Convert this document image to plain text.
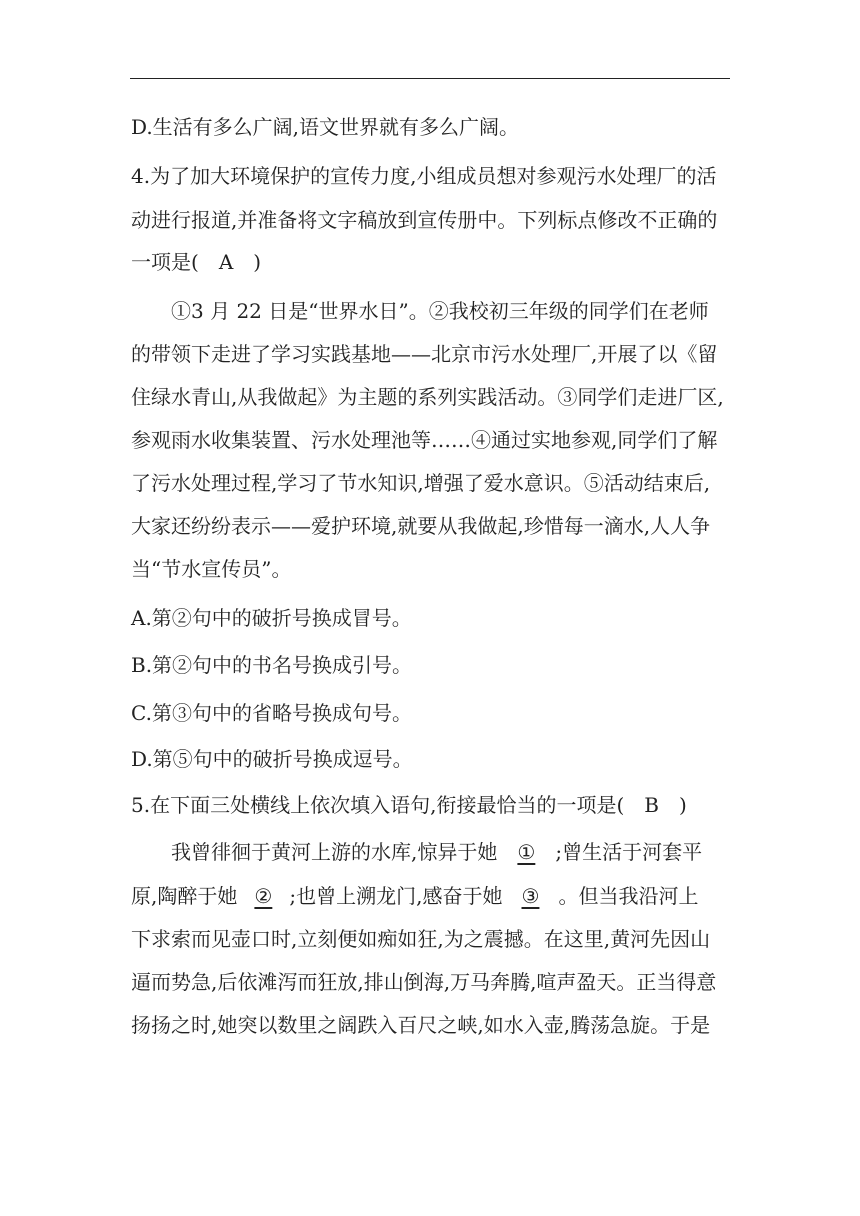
D.生活有多么广阔,语文世界就有多么广阔。
4.为了加大环境保护的宣传力度,小组成员想对参观污水处理厂的活
动进行报道,并准备将文字稿放到宣传册中。下列标点修改不正确的
一项是( A )
①3 月 22 日是“世界水日”。②我校初三年级的同学们在老师
的带领下走进了学习实践基地——北京市污水处理厂,开展了以《留
住绿水青山,从我做起》为主题的系列实践活动。③同学们走进厂区,
参观雨水收集装置、污水处理池等……④通过实地参观,同学们了解
了污水处理过程,学习了节水知识,增强了爱水意识。⑤活动结束后,
大家还纷纷表示——爱护环境,就要从我做起,珍惜每一滴水,人人争
当“节水宣传员”。
A.第②句中的破折号换成冒号。
B.第②句中的书名号换成引号。
C.第③句中的省略号换成句号。
D.第⑤句中的破折号换成逗号。
5.在下面三处横线上依次填入语句,衔接最恰当的一项是( B )
我曾徘徊于黄河上游的水库,惊异于她 ① ;曾生活于河套平
原,陶醉于她 ② ;也曾上溯龙门,感奋于她 ③ 。但当我沿河上
下求索而见壶口时,立刻便如痴如狂,为之震撼。在这里,黄河先因山
逼而势急,后依滩泻而狂放,排山倒海,万马奔腾,喧声盈天。正当得意
扬扬之时,她突以数里之阔跌入百尺之峡,如水入壶,腾荡急旋。于是
